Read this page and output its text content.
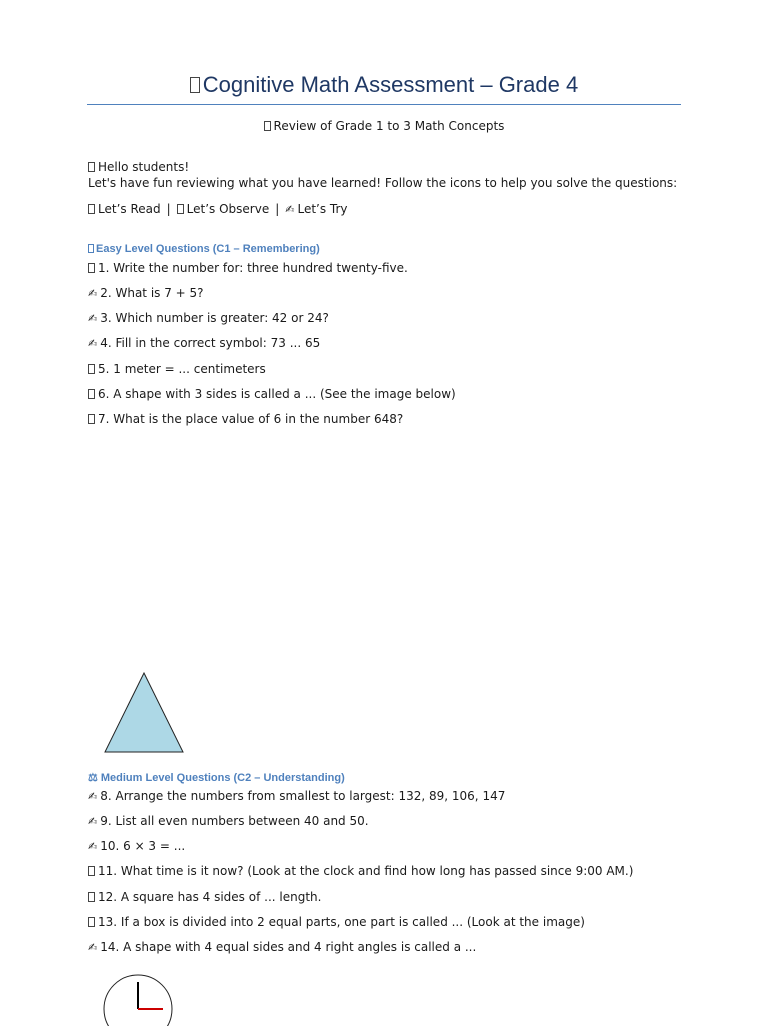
Cognitive Math Assessment – Grade 4
Review of Grade 1 to 3 Math Concepts
Hello students!
Let's have fun reviewing what you have learned! Follow the icons to help you solve the questions:
Let’s Read | Let’s Observe | ✍ Let’s Try
Easy Level Questions (C1 – Remembering)
1. Write the number for: three hundred twenty-five.
✍ 2. What is 7 + 5?
✍ 3. Which number is greater: 42 or 24?
✍ 4. Fill in the correct symbol: 73 ... 65
5. 1 meter = ... centimeters
6. A shape with 3 sides is called a ... (See the image below)
7. What is the place value of 6 in the number 648?
⚖ Medium Level Questions (C2 – Understanding)
✍ 8. Arrange the numbers from smallest to largest: 132, 89, 106, 147
✍ 9. List all even numbers between 40 and 50.
✍ 10. 6 × 3 = ...
11. What time is it now? (Look at the clock and find how long has passed since 9:00 AM.)
12. A square has 4 sides of ... length.
13. If a box is divided into 2 equal parts, one part is called ... (Look at the image)
✍ 14. A shape with 4 equal sides and 4 right angles is called a ...
